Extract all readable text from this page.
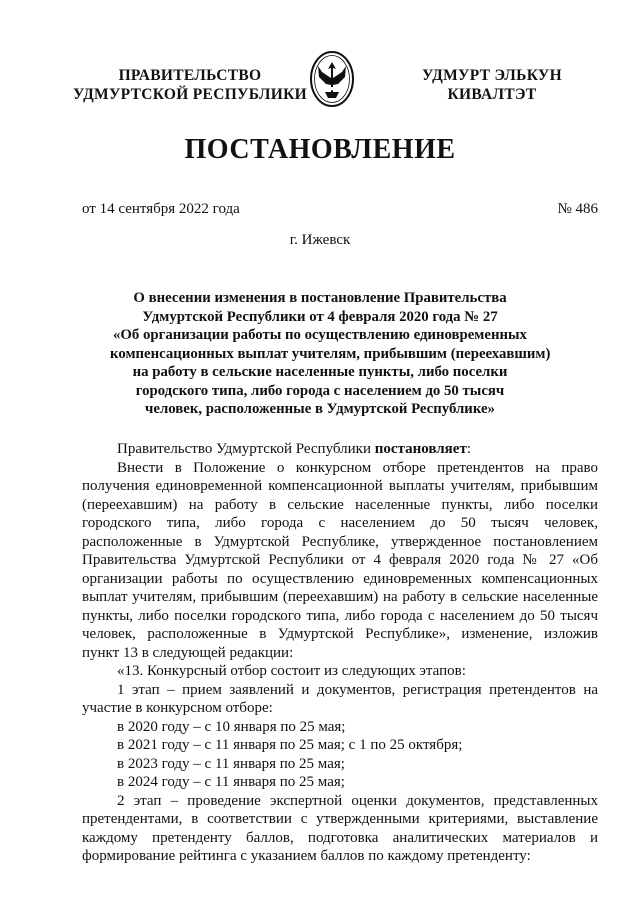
ПРАВИТЕЛЬСТВО
УДМУРТСКОЙ РЕСПУБЛИКИ
УДМУРТ ЭЛЬКУН
КИВАЛТЭТ
ПОСТАНОВЛЕНИЕ
от 14 сентября 2022 года	№ 486
г. Ижевск
О внесении изменения в постановление Правительства
Удмуртской Республики от 4 февраля 2020 года № 27
«Об организации работы по осуществлению единовременных
компенсационных выплат учителям, прибывшим (переехавшим)
на работу в сельские населенные пункты, либо поселки
городского типа, либо города с населением до 50 тысяч
человек, расположенные в Удмуртской Республике»
Правительство Удмуртской Республики постановляет:
Внести в Положение о конкурсном отборе претендентов на право
получения единовременной компенсационной выплаты учителям, прибывшим
(переехавшим) на работу в сельские населенные пункты, либо поселки
городского типа, либо города с населением до 50 тысяч человек,
расположенные в Удмуртской Республике, утвержденное постановлением
Правительства Удмуртской Республики от 4 февраля 2020 года № 27 «Об
организации работы по осуществлению единовременных компенсационных
выплат учителям, прибывшим (переехавшим) на работу в сельские населенные
пункты, либо поселки городского типа, либо города с населением до 50 тысяч
человек, расположенные в Удмуртской Республике», изменение, изложив
пункт 13 в следующей редакции:
«13. Конкурсный отбор состоит из следующих этапов:
1 этап – прием заявлений и документов, регистрация претендентов на
участие в конкурсном отборе:
в 2020 году – с 10 января по 25 мая;
в 2021 году – с 11 января по 25 мая; с 1 по 25 октября;
в 2023 году – с 11 января по 25 мая;
в 2024 году – с 11 января по 25 мая;
2 этап – проведение экспертной оценки документов, представленных
претендентами, в соответствии с утвержденными критериями, выставление
каждому претенденту баллов, подготовка аналитических материалов и
формирование рейтинга с указанием баллов по каждому претенденту:
